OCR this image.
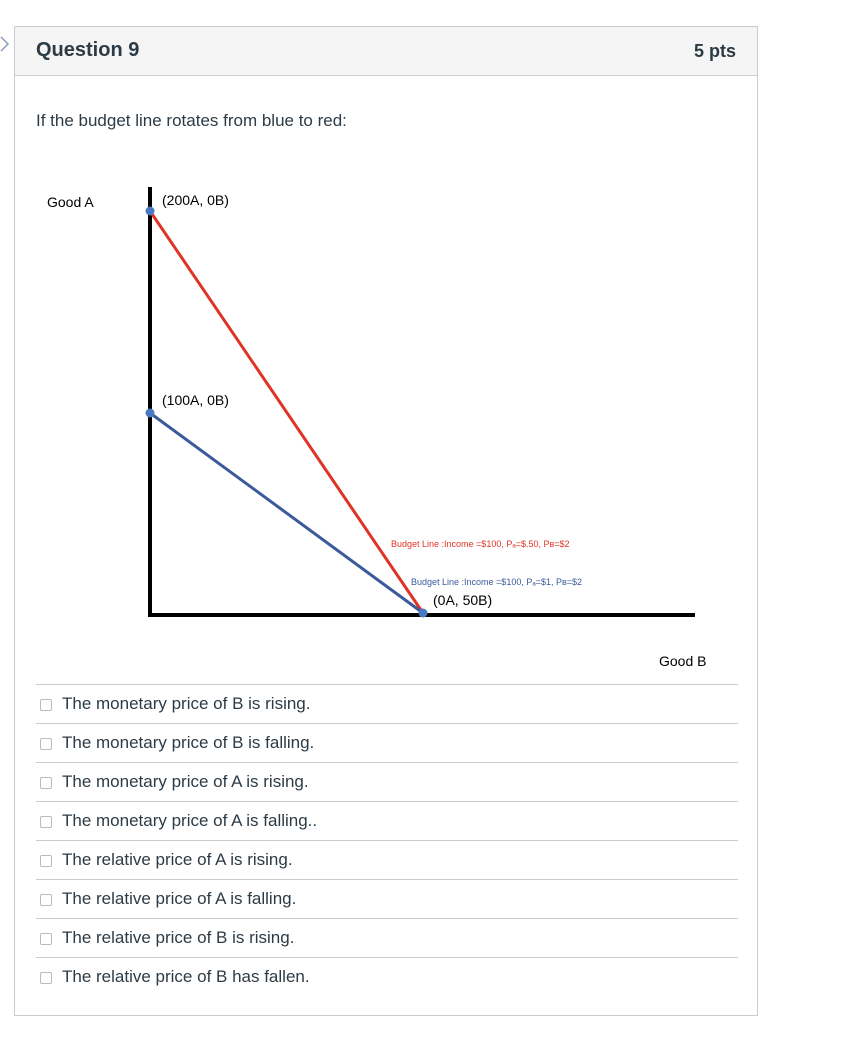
Question 9	5 pts
If the budget line rotates from blue to red:
Good A
Good B
(200A, 0B)
(100A, 0B)
(0A, 50B)
Budget Line :Income =$100, Pₐ=$.50, Pʙ=$2
Budget Line :Income =$100, Pₐ=$1, Pʙ=$2
The monetary price of B is rising.
The monetary price of B is falling.
The monetary price of A is rising.
The monetary price of A is falling..
The relative price of A is rising.
The relative price of A is falling.
The relative price of B is rising.
The relative price of B has fallen.
